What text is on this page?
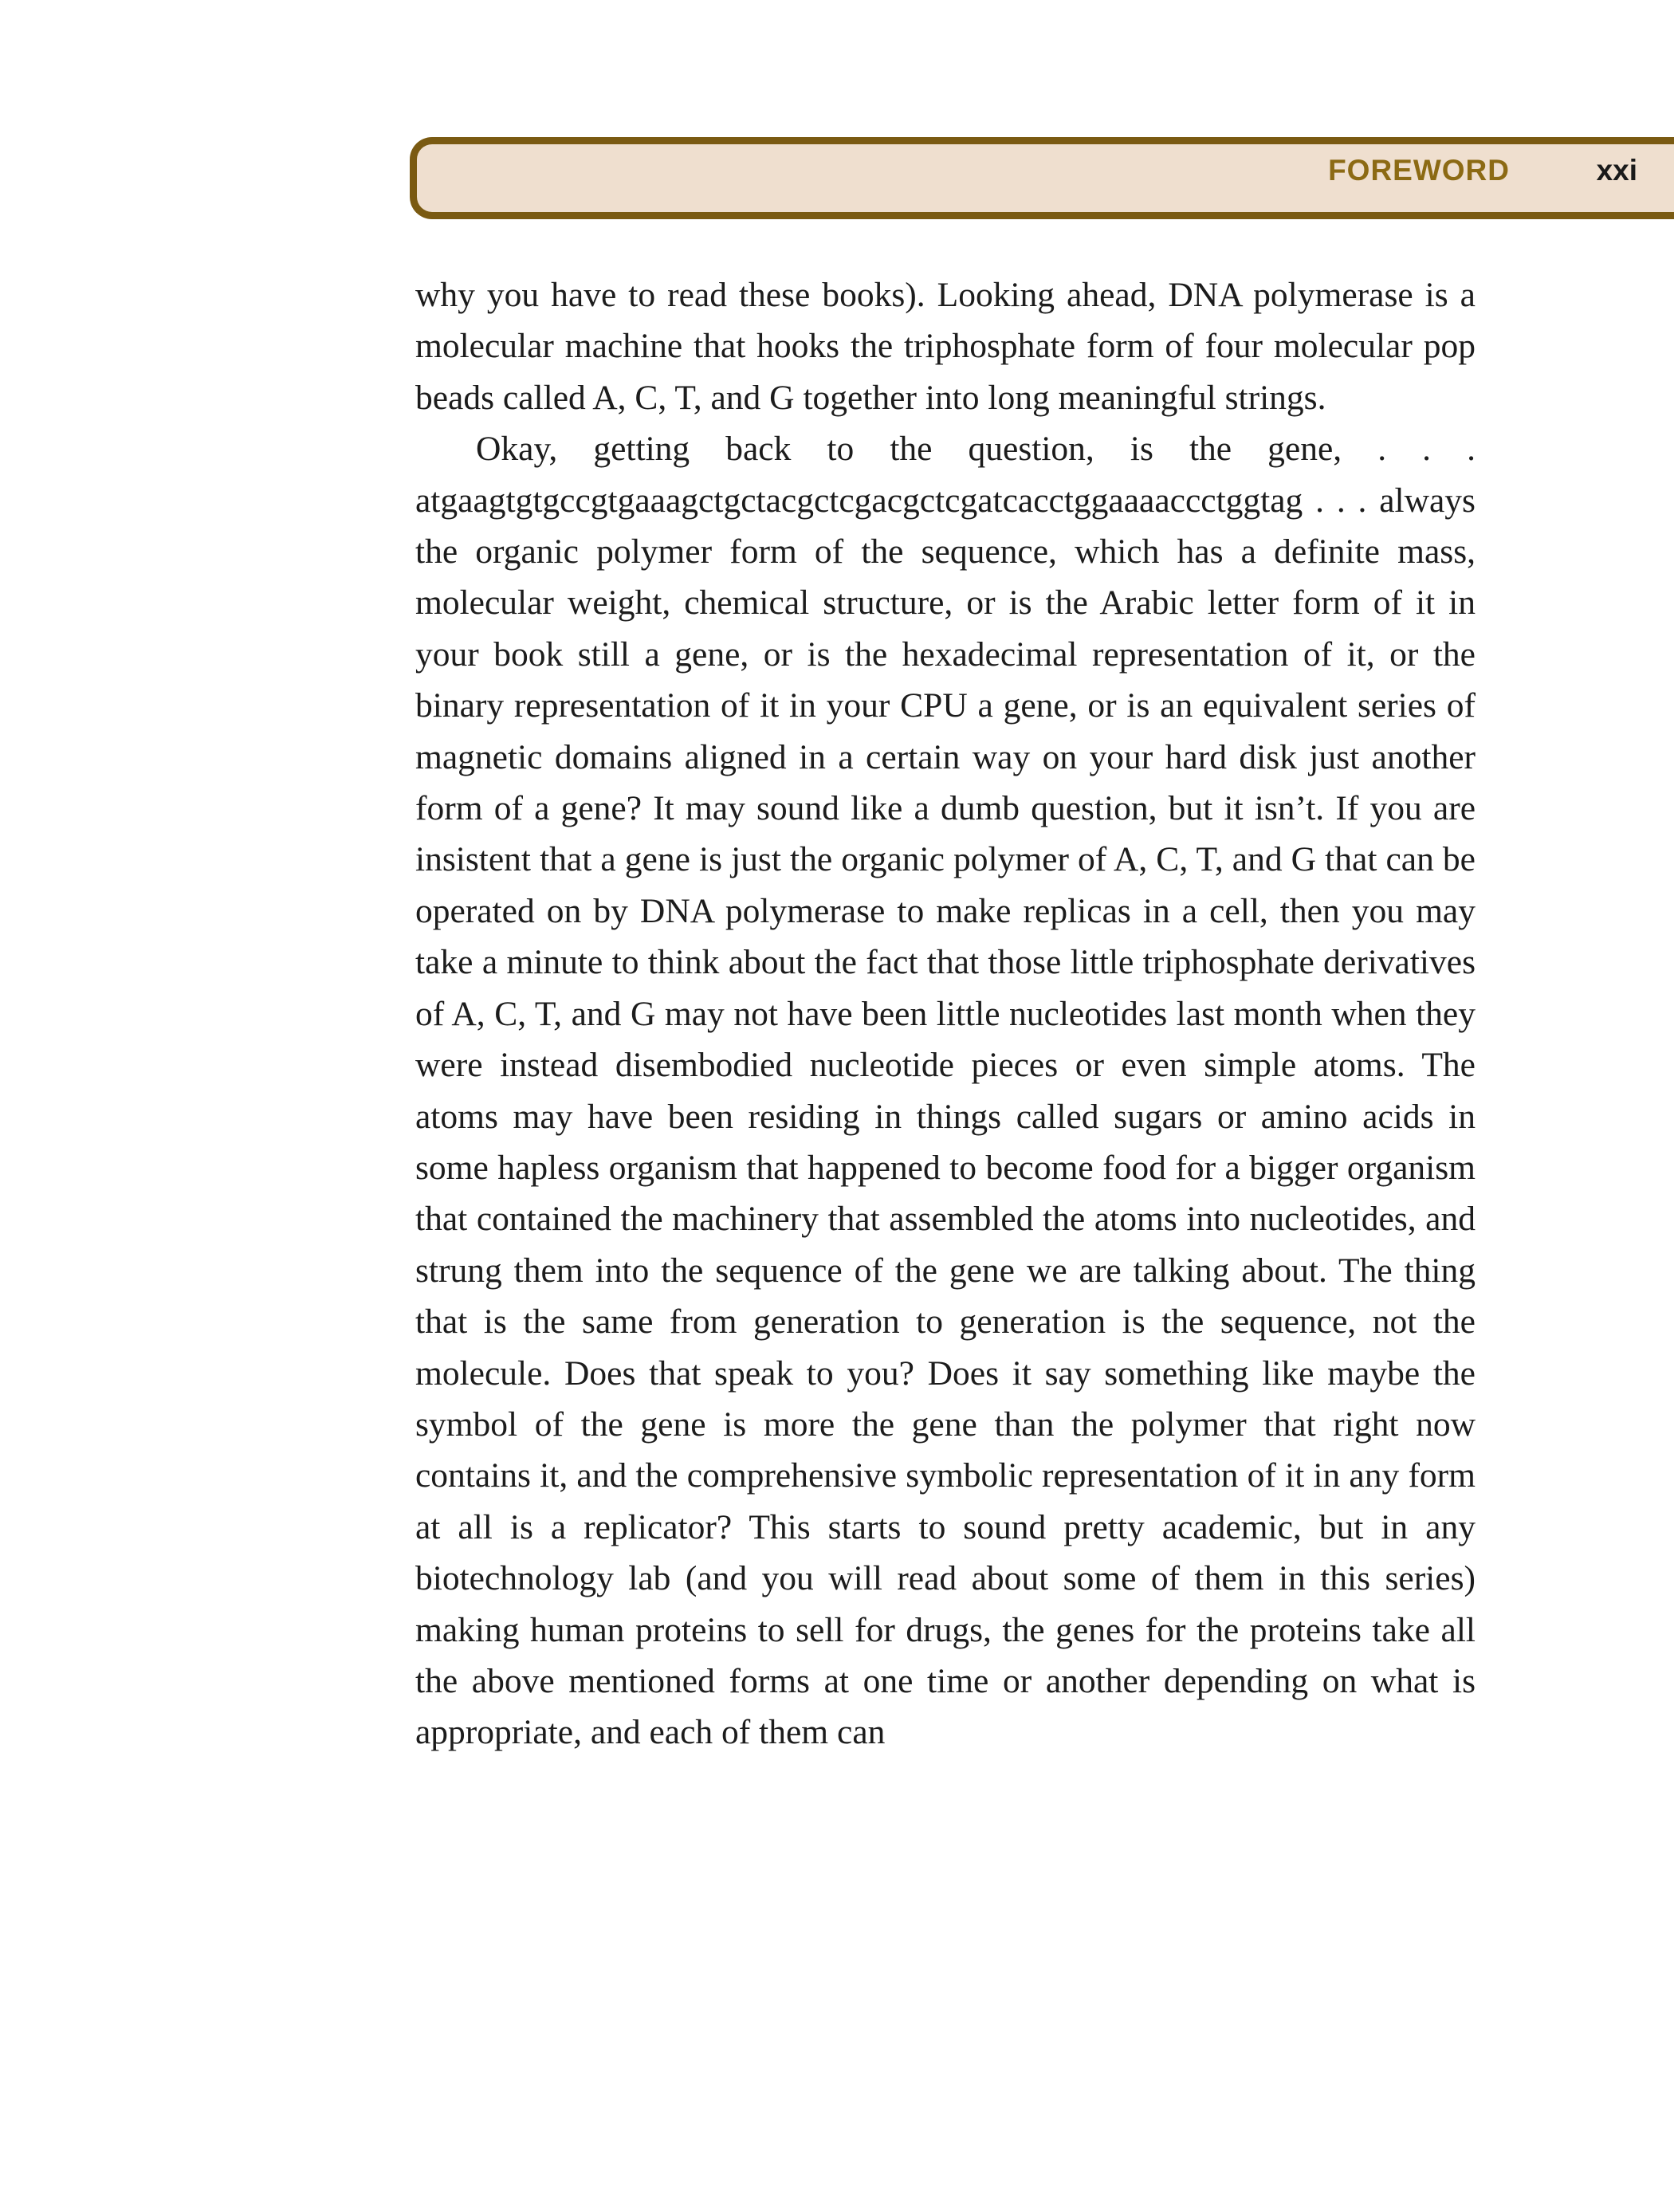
FOREWORD	xxi

why you have to read these books). Looking ahead, DNA polymerase is a molecular machine that hooks the triphosphate form of four molecular pop beads called A, C, T, and G together into long meaningful strings.

Okay, getting back to the question, is the gene, . . . atgaagtgtgccgtgaaagctgctacgctcgacgctcgatcacctggaaaaccctggtag . . . always the organic polymer form of the sequence, which has a definite mass, molecular weight, chemical structure, or is the Arabic letter form of it in your book still a gene, or is the hexadecimal representation of it, or the binary representation of it in your CPU a gene, or is an equivalent series of magnetic domains aligned in a certain way on your hard disk just another form of a gene? It may sound like a dumb question, but it isn’t. If you are insistent that a gene is just the organic polymer of A, C, T, and G that can be operated on by DNA polymerase to make replicas in a cell, then you may take a minute to think about the fact that those little triphosphate derivatives of A, C, T, and G may not have been little nucleotides last month when they were instead disembodied nucleotide pieces or even simple atoms. The atoms may have been residing in things called sugars or amino acids in some hapless organism that happened to become food for a bigger organism that contained the machinery that assembled the atoms into nucleotides, and strung them into the sequence of the gene we are talking about. The thing that is the same from generation to generation is the sequence, not the molecule. Does that speak to you? Does it say something like maybe the symbol of the gene is more the gene than the polymer that right now contains it, and the comprehensive symbolic representation of it in any form at all is a replicator? This starts to sound pretty academic, but in any biotechnology lab (and you will read about some of them in this series) making human proteins to sell for drugs, the genes for the proteins take all the above mentioned forms at one time or another depending on what is appropriate, and each of them can
